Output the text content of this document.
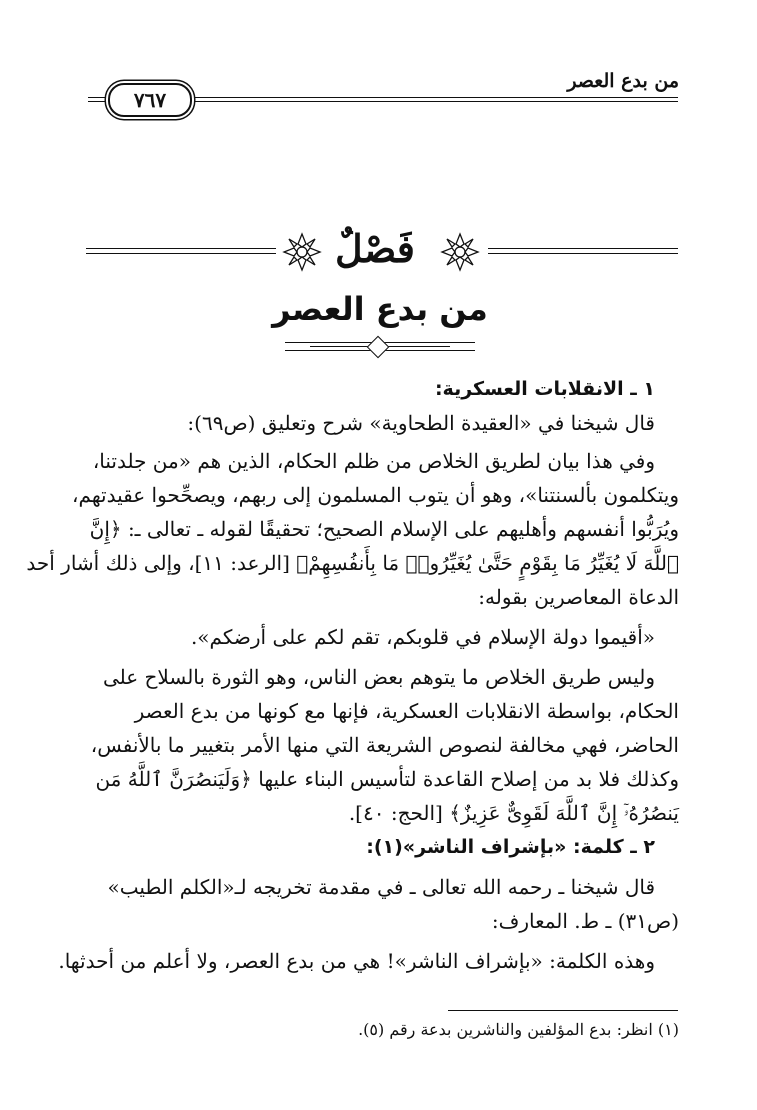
من بدع العصر
٧٦٧
فَصْلٌ
من بدع العصر
١ ـ الانقلابات العسكرية:
قال شيخنا في «العقيدة الطحاوية» شرح وتعليق (ص٦٩):
وفي هذا بيان لطريق الخلاص من ظلم الحكام، الذين هم «من جلدتنا،
ويتكلمون بألسنتنا»، وهو أن يتوب المسلمون إلى ربهم، ويصحِّحوا عقيدتهم،
ويُرَبُّوا أنفسهم وأهليهم على الإسلام الصحيح؛ تحقيقًا لقوله ـ تعالى ـ: ﴿إِنَّ
ٱللَّهَ لَا يُغَيِّرُ مَا بِقَوْمٍ حَتَّىٰ يُغَيِّرُوا۟ مَا بِأَنفُسِهِمْ﴾ [الرعد: ١١]، وإلى ذلك أشار أحد
الدعاة المعاصرين بقوله:
«أقيموا دولة الإسلام في قلوبكم، تقم لكم على أرضكم».
وليس طريق الخلاص ما يتوهم بعض الناس، وهو الثورة بالسلاح على
الحكام، بواسطة الانقلابات العسكرية، فإنها مع كونها من بدع العصر
الحاضر، فهي مخالفة لنصوص الشريعة التي منها الأمر بتغيير ما بالأنفس،
وكذلك فلا بد من إصلاح القاعدة لتأسيس البناء عليها ﴿وَلَيَنصُرَنَّ ٱللَّهُ مَن
يَنصُرُهُۥٓ إِنَّ ٱللَّهَ لَقَوِىٌّ عَزِيزٌ﴾ [الحج: ٤٠].
٢ ـ كلمة: «بإشراف الناشر»(١):
قال شيخنا ـ رحمه الله تعالى ـ في مقدمة تخريجه لـ«الكلم الطيب»
(ص٣١) ـ ط. المعارف:
وهذه الكلمة: «بإشراف الناشر»! هي من بدع العصر، ولا أعلم من أحدثها.
(١) انظر: بدع المؤلفين والناشرين بدعة رقم (٥).
